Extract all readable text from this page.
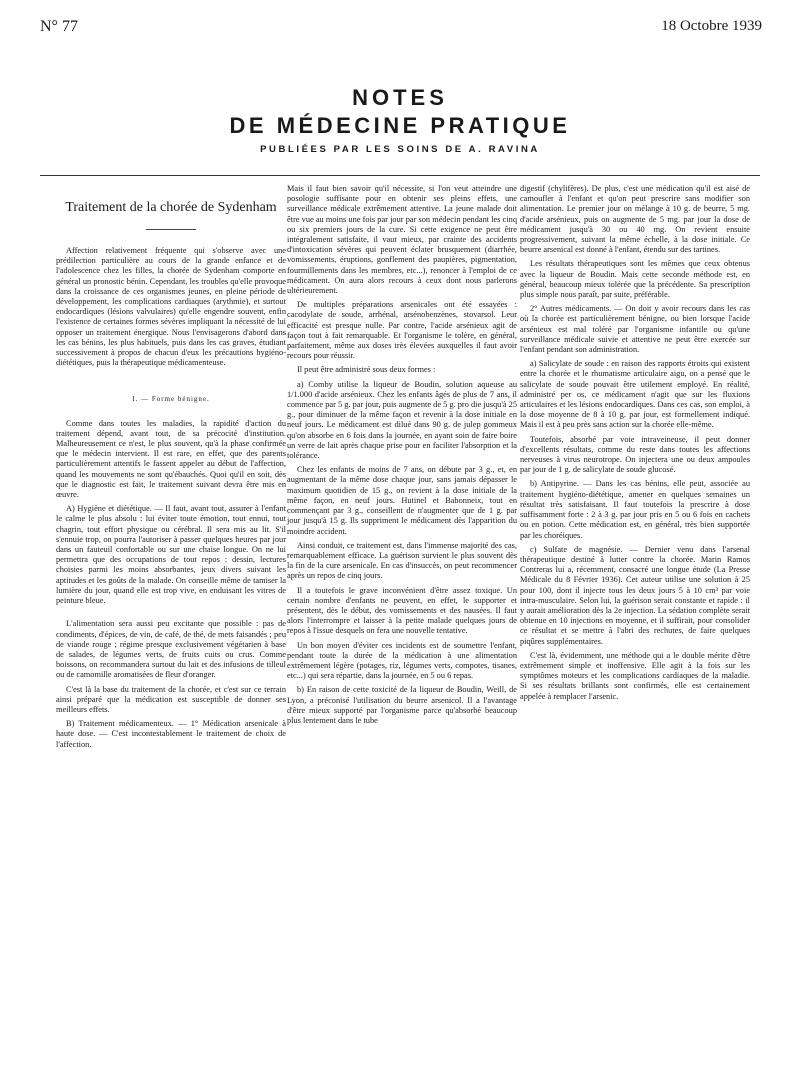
N° 77	18 Octobre 1939
NOTES
DE MÉDECINE PRATIQUE
PUBLIÉES PAR LES SOINS DE A. RAVINA
Traitement de la chorée de Sydenham

Affection relativement fréquente qui s'observe avec une prédilection particulière au cours de la grande enfance et de l'adolescence chez les filles, la chorée de Sydenham comporte en général un pronostic bénin. Cependant, les troubles qu'elle provoque dans la croissance de ces organismes jeunes, en pleine période de développement, les complications cardiaques (arythmie), et surtout endocardiques (lésions valvulaires) qu'elle engendre souvent, enfin l'existence de certaines formes sévères impliquant la nécessité de lui opposer un traitement énergique. Nous l'envisagerons d'abord dans les cas bénins, les plus habituels, puis dans les cas graves, étudiant successivement à propos de chacun d'eux les précautions hygiéno-diététiques, puis la thérapeutique médicamenteuse.

I. — Forme bénigne.

Comme dans toutes les maladies, la rapidité d'action du traitement dépend, avant tout, de sa précocité d'institution. Malheureusement ce n'est, le plus souvent, qu'à la phase confirmée que le médecin intervient. Il est rare, en effet, que des parents particulièrement attentifs le fassent appeler au début de l'affection, quand les mouvements ne sont qu'ébauchés. Quoi qu'il en soit, dès que le diagnostic est fait, le traitement suivant devra être mis en œuvre.

A) Hygiène et diététique. — Il faut, avant tout, assurer à l'enfant le calme le plus absolu : lui éviter toute émotion, tout ennui, tout chagrin, tout effort physique ou cérébral. Il sera mis au lit. S'il s'ennuie trop, on pourra l'autoriser à passer quelques heures par jour dans un fauteuil confortable ou sur une chaise longue. On ne lui permettra que des occupations de tout repos : dessin, lectures choisies parmi les moins absorbantes, jeux divers suivant les aptitudes et les goûts de la malade. On conseille même de tamiser la lumière du jour, quand elle est trop vive, en enduisant les vitres de peinture bleue.

L'alimentation sera aussi peu excitante que possible : pas de condiments, d'épices, de vin, de café, de thé, de mets faisandés ; peu de viande rouge ; régime presque exclusivement végétarien à base de salades, de légumes verts, de fruits cuits ou crus. Comme boissons, on recommandera surtout du lait et des infusions de tilleul ou de camomille aromatisées de fleur d'oranger.

C'est là la base du traitement de la chorée, et c'est sur ce terrain ainsi préparé que la médication est susceptible de donner ses meilleurs effets.

B) Traitement médicamenteux. — 1° Médication arsenicale à haute dose. — C'est incontestablement le traitement de choix de l'affection.

Mais il faut bien savoir qu'il nécessite, si l'on veut atteindre une posologie suffisante pour en obtenir ses pleins effets, une surveillance médicale extrêmement attentive. La jeune malade doit être vue au moins une fois par jour par son médecin pendant les cinq ou six premiers jours de la cure. Si cette exigence ne peut être intégralement satisfaite, il vaut mieux, par crainte des accidents d'intoxication sévères qui peuvent éclater brusquement (diarrhée, vomissements, éruptions, gonflement des paupières, pigmentation, fourmillements dans les membres, etc...), renoncer à l'emploi de ce médicament. On aura alors recours à ceux dont nous parlerons ultérieurement.

De multiples préparations arsenicales ont été essayées : cacodylate de soude, arrhénal, arsénobenzènes, stovarsol. Leur efficacité est presque nulle. Par contre, l'acide arsénieux agit de façon tout à fait remarquable. Et l'organisme le tolère, en général, parfaitement, même aux doses très élevées auxquelles il faut avoir recours pour réussir.

Il peut être administré sous deux formes :

a) Comby utilise la liqueur de Boudin, solution aqueuse au 1/1.000 d'acide arsénieux. Chez les enfants âgés de plus de 7 ans, il commence par 5 g. par jour, puis augmente de 5 g. pro die jusqu'à 25 g., pour diminuer de la même façon et revenir à la dose initiale en neuf jours. Le médicament est dilué dans 90 g. de julep gommeux qu'on absorbe en 6 fois dans la journée, en ayant soin de faire boire un verre de lait après chaque prise pour en faciliter l'absorption et la tolérance.

Chez les enfants de moins de 7 ans, on débute par 3 g., et, en augmentant de la même dose chaque jour, sans jamais dépasser le maximum quotidien de 15 g., on revient à la dose initiale de la même façon, en neuf jours. Hutinel et Babonneix, tout en commençant par 3 g., conseillent de n'augmenter que de 1 g. par jour jusqu'à 15 g. Ils suppriment le médicament dès l'apparition du moindre accident.

Ainsi conduit, ce traitement est, dans l'immense majorité des cas, remarquablement efficace. La guérison survient le plus souvent dès la fin de la cure arsenicale. En cas d'insuccès, on peut recommencer après un repos de cinq jours.

Il a toutefois le grave inconvénient d'être assez toxique. Un certain nombre d'enfants ne peuvent, en effet, le supporter et présentent, dès le début, des vomissements et des nausées. Il faut alors l'interrompre et laisser à la petite malade quelques jours de repos à l'issue desquels on fera une nouvelle tentative.

Un bon moyen d'éviter ces incidents est de soumettre l'enfant, pendant toute la durée de la médication à une alimentation extrêmement légère (potages, riz, légumes verts, compotes, tisanes, etc...) qui sera répartie, dans la journée, en 5 ou 6 repas.

b) En raison de cette toxicité de la liqueur de Boudin, Weill, de Lyon, a préconisé l'utilisation du beurre arsenicol. Il a l'avantage d'être mieux supporté par l'organisme parce qu'absorbé beaucoup plus lentement dans le tube

digestif (chylifères). De plus, c'est une médication qu'il est aisé de camoufler à l'enfant et qu'on peut prescrire sans modifier son alimentation. Le premier jour on mélange à 10 g. de beurre, 5 mg. d'acide arsénieux, puis on augmente de 5 mg. par jour la dose de médicament jusqu'à 30 ou 40 mg. On revient ensuite progressivement, suivant la même échelle, à la dose initiale. Ce beurre arsenical est donné à l'enfant, étendu sur des tartines.

Les résultats thérapeutiques sont les mêmes que ceux obtenus avec la liqueur de Boudin. Mais cette seconde méthode est, en général, beaucoup mieux tolérée que la précédente. Sa prescription plus simple nous paraît, par suite, préférable.

2° Autres médicaments. — On doit y avoir recours dans les cas où la chorée est particulièrement bénigne, ou bien lorsque l'acide arsénieux est mal toléré par l'organisme infantile ou qu'une surveillance médicale suivie et attentive ne peut être exercée sur l'enfant pendant son administration.

a) Salicylate de soude : en raison des rapports étroits qui existent entre la chorée et le rhumatisme articulaire aigu, on a pensé que le salicylate de soude pouvait être utilement employé. En réalité, administré per os, ce médicament n'agit que sur les fluxions articulaires et les lésions endocardiques. Dans ces cas, son emploi, à la dose moyenne de 8 à 10 g. par jour, est formellement indiqué. Mais il est à peu près sans action sur la chorée elle-même.

Toutefois, absorbé par voie intraveineuse, il peut donner d'excellents résultats, comme du reste dans toutes les affections nerveuses à virus neurotrope. On injectera une ou deux ampoules par jour de 1 g. de salicylate de soude glucosé.

b) Antipyrine. — Dans les cas bénins, elle peut, associée au traitement hygiéno-diététique, amener en quelques semaines un résultat très satisfaisant. Il faut toutefois la prescrire à dose suffisamment forte : 2 à 3 g. par jour pris en 5 ou 6 fois en cachets ou en potion. Cette médication est, en général, très bien supportée par les choréiques.

c) Sulfate de magnésie. — Dernier venu dans l'arsenal thérapeutique destiné à lutter contre la chorée. Marin Ramos Contreras lui a, récemment, consacré une longue étude (La Presse Médicale du 8 Février 1936). Cet auteur utilise une solution à 25 pour 100, dont il injecte tous les deux jours 5 à 10 cm³ par voie intra-musculaire. Selon lui, la guérison serait constante et rapide : il y aurait amélioration dès la 2e injection. La sédation complète serait obtenue en 10 injections en moyenne, et il suffirait, pour consolider ce résultat et se mettre à l'abri des rechutes, de faire quelques piqûres supplémentaires.

C'est là, évidemment, une méthode qui a le double mérite d'être extrêmement simple et inoffensive. Elle agit à la fois sur les symptômes moteurs et les complications cardiaques de la maladie. Si ses résultats brillants sont confirmés, elle est certainement appelée à remplacer l'arsenic.
